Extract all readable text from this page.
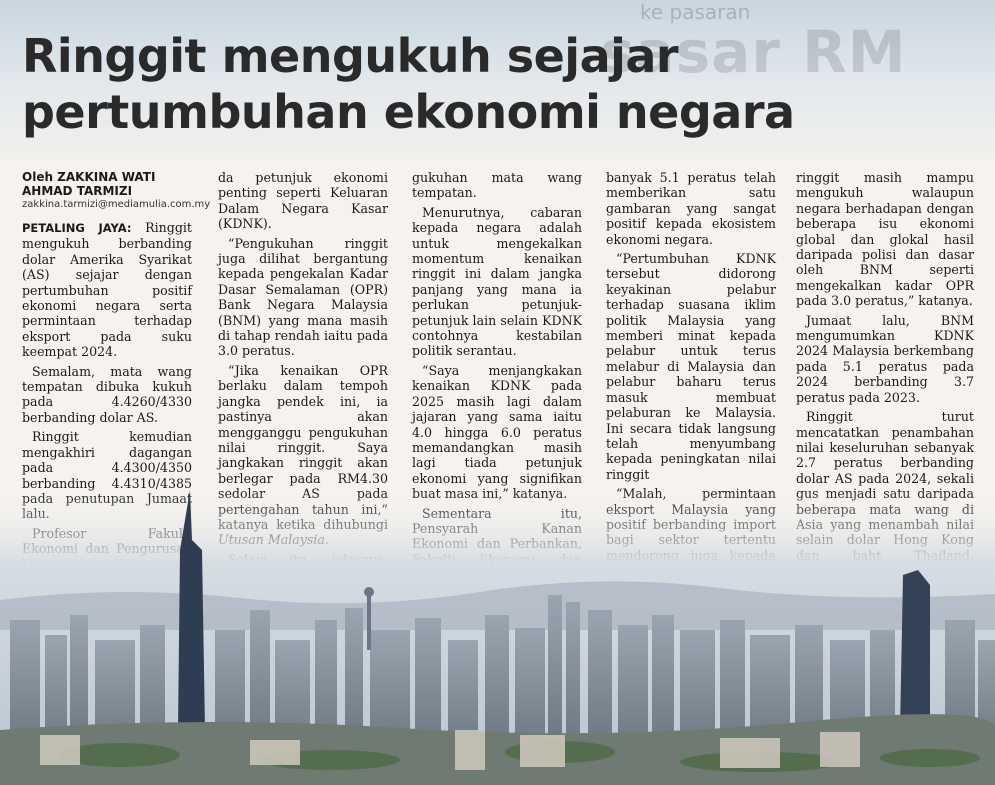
ke pasaran
sasar RM
Ringgit mengukuh sejajar pertumbuhan ekonomi negara
Oleh ZAKKINA WATI
AHMAD TARMIZI
zakkina.tarmizi@mediamulia.com.my

PETALING JAYA: Ringgit mengukuh berbanding dolar Amerika Syarikat (AS) sejajar dengan pertumbuhan positif ekonomi negara serta permintaan terhadap eksport pada suku keempat 2024.

Semalam, mata wang tempatan dibuka kukuh pada 4.4260/4330 berbanding dolar AS.

Ringgit kemudian mengakhiri dagangan pada 4.4300/4350 berbanding 4.4310/4385

da petunjuk ekonomi penting seperti Keluaran Dalam Negara Kasar (KDNK).

“Pengukuhan ringgit juga dilihat bergantung kepada pengekalan Kadar Dasar Semalaman (OPR) Bank Negara Malaysia (BNM) yang mana masih di tahap rendah iaitu pada 3.0 peratus.

“Jika kenaikan OPR berlaku dalam tempoh jangka pendek ini, ia pastinya akan mengganggu pengukuhan nilai ringgit. Saya jangkakan ringgit akan berlegar pada RM4.30

gukuhan mata wang tempatan.

Menurutnya, cabaran kepada negara adalah untuk mengekalkan momentum kenaikan ringgit ini dalam jangka panjang yang mana ia perlukan petunjuk-petunjuk lain selain KDNK contohnya kestabilan politik serantau.

“Saya menjangkakan kenaikan KDNK pada 2025 masih lagi dalam jajaran yang sama iaitu 4.0 hingga 6.0 peratus memandangkan masih lagi tiada petunjuk ekonomi yang signifikan

banyak 5.1 peratus telah memberikan satu gambaran yang sangat positif kepada ekosistem ekonomi negara.

“Pertumbuhan KDNK tersebut didorong keyakinan pelabur terhadap suasana iklim politik Malaysia yang memberi minat kepada pelabur untuk terus melabur di Malaysia dan pelabur baharu terus masuk membuat pelaburan ke Malaysia. Ini secara tidak langsung telah menyumbang kepada peningkatan nilai ringgit

ringgit masih mampu mengukuh walaupun negara berhadapan dengan beberapa isu ekonomi global dan glokal hasil daripada polisi dan dasar oleh BNM seperti mengekalkan kadar OPR pada 3.0 peratus,” katanya.

Jumaat lalu, BNM mengumumkan KDNK 2024 Malaysia berkembang pada 5.1 peratus pada 2024 berbanding 3.7 peratus pada 2023.

Ringgit turut mencatatkan penambahan nilai keseluruhan sebanyak 2.7 peratus berbanding dolar AS pada 2024, sekali
